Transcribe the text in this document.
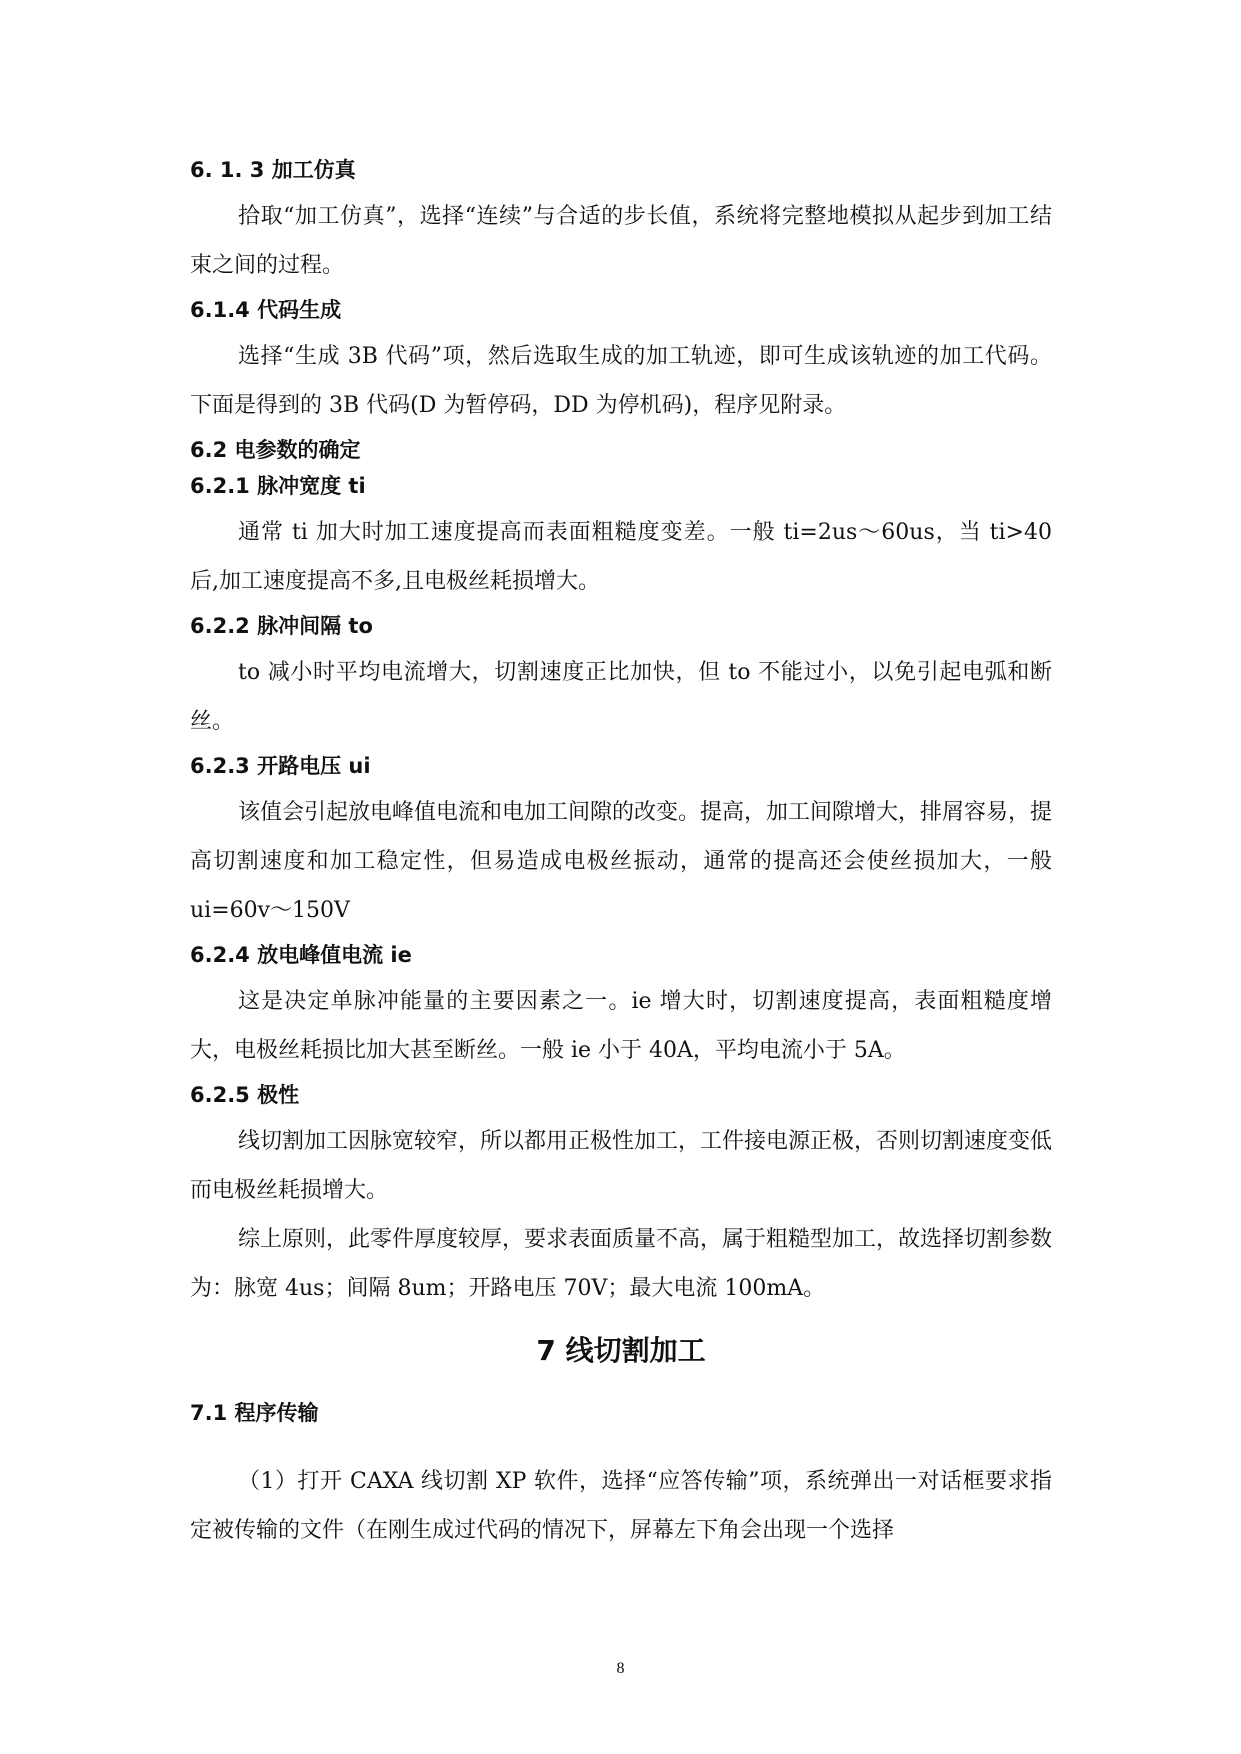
6. 1. 3 加工仿真

拾取“加工仿真”，选择“连续”与合适的步长值，系统将完整地模拟从起步到加工结束之间的过程。

6.1.4 代码生成

选择“生成 3B 代码”项，然后选取生成的加工轨迹，即可生成该轨迹的加工代码。下面是得到的 3B 代码(D 为暂停码，DD 为停机码)，程序见附录。

6.2 电参数的确定
6.2.1 脉冲宽度 ti

通常 ti 加大时加工速度提高而表面粗糙度变差。一般 ti=2us～60us，当 ti>40 后,加工速度提高不多,且电极丝耗损增大。

6.2.2 脉冲间隔 to

to 减小时平均电流增大，切割速度正比加快，但 to 不能过小，以免引起电弧和断丝。

6.2.3 开路电压 ui

该值会引起放电峰值电流和电加工间隙的改变。提高，加工间隙增大，排屑容易，提高切割速度和加工稳定性，但易造成电极丝振动，通常的提高还会使丝损加大，一般 ui=60v～150V

6.2.4 放电峰值电流 ie

这是决定单脉冲能量的主要因素之一。ie 增大时，切割速度提高，表面粗糙度增大，电极丝耗损比加大甚至断丝。一般 ie 小于 40A，平均电流小于 5A。

6.2.5 极性

线切割加工因脉宽较窄，所以都用正极性加工，工件接电源正极，否则切割速度变低而电极丝耗损增大。

综上原则，此零件厚度较厚，要求表面质量不高，属于粗糙型加工，故选择切割参数为：脉宽 4us；间隔 8um；开路电压 70V；最大电流 100mA。

7 线切割加工
7.1 程序传输

（1）打开 CAXA 线切割 XP 软件，选择“应答传输”项，系统弹出一对话框要求指定被传输的文件（在刚生成过代码的情况下，屏幕左下角会出现一个选择

8
